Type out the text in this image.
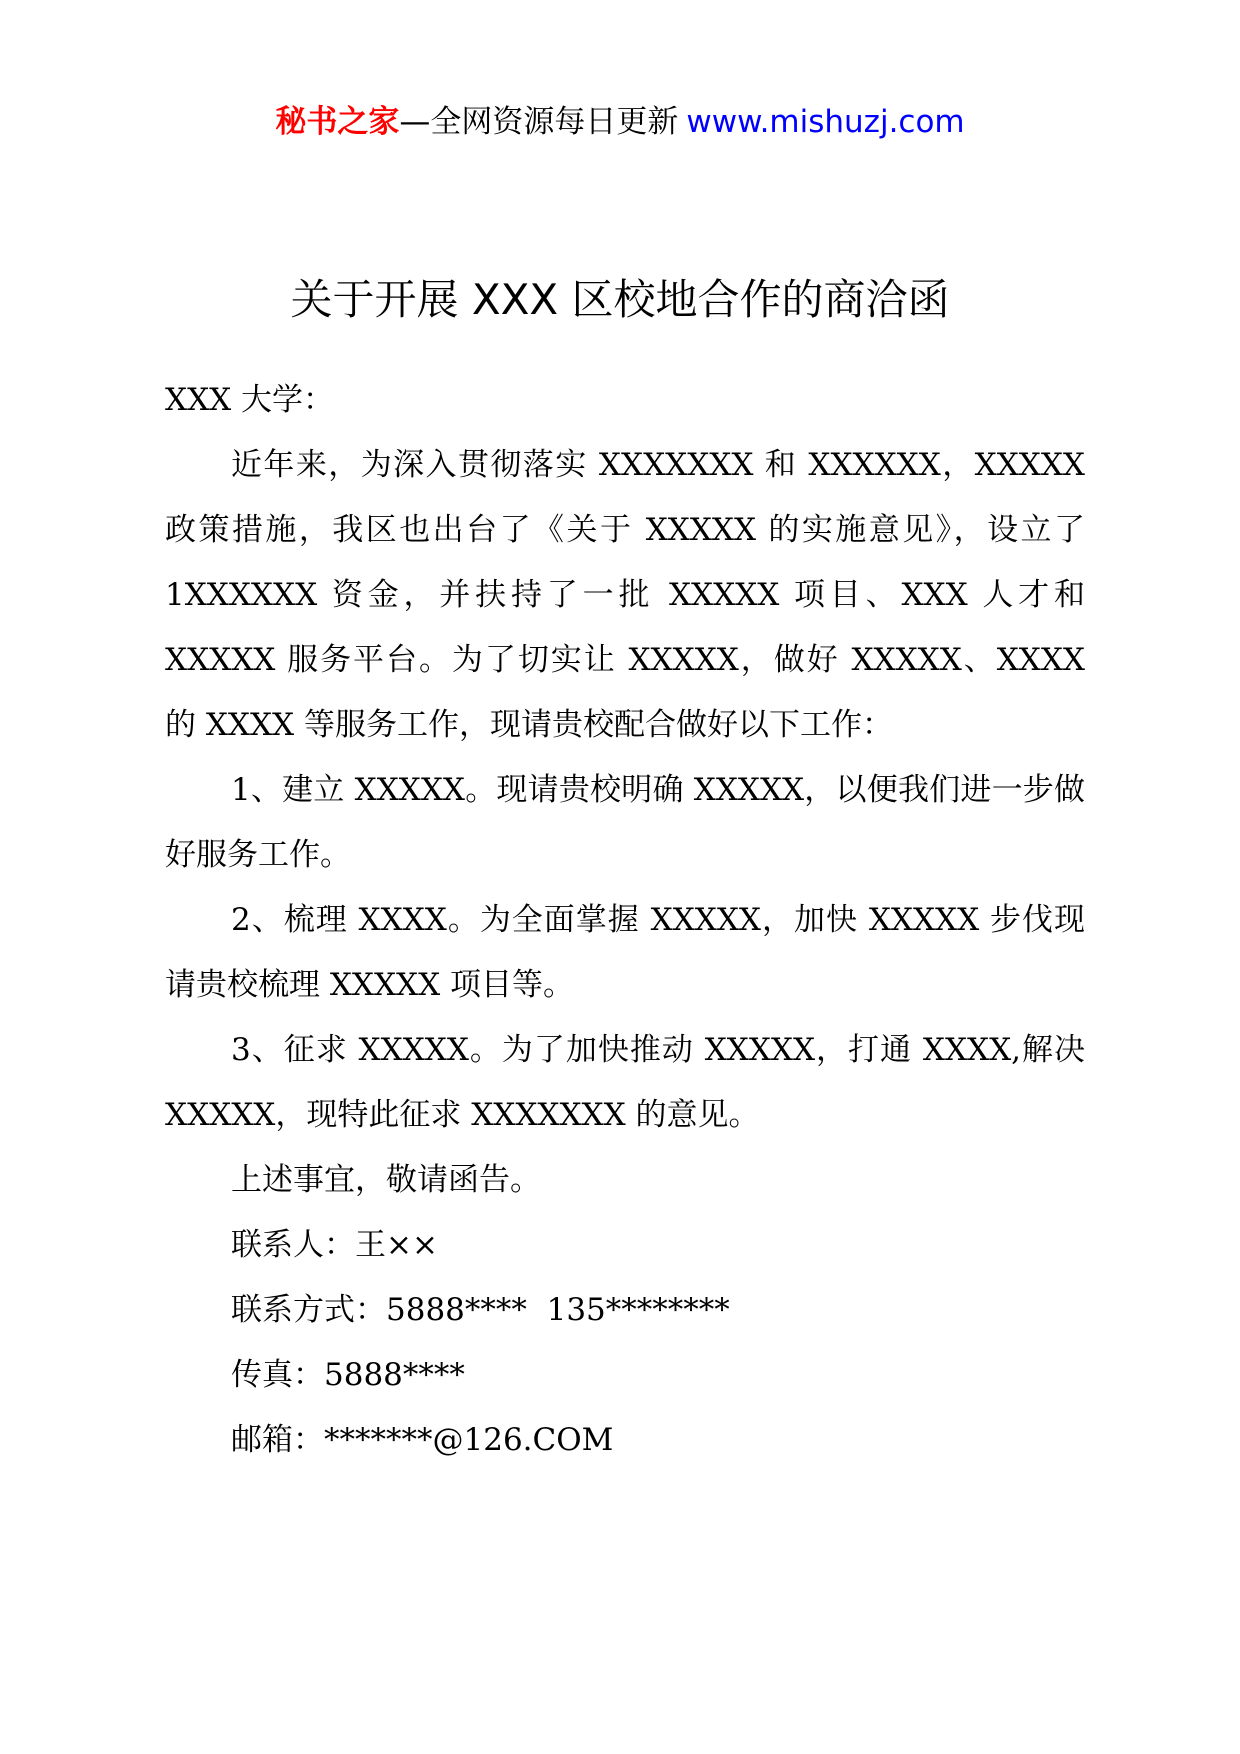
秘书之家—全网资源每日更新 www.mishuzj.com
关于开展 XXX 区校地合作的商洽函

XXX 大学：

近年来，为深入贯彻落实 XXXXXXX 和 XXXXXX，XXXXX 政策措施，我区也出台了《关于 XXXXX 的实施意见》，设立了 1XXXXXX 资金，并扶持了一批 XXXXX 项目、XXX 人才和 XXXXX 服务平台。为了切实让 XXXXX，做好 XXXXX、XXXX 的 XXXX 等服务工作，现请贵校配合做好以下工作：

1、建立 XXXXX。现请贵校明确 XXXXX，以便我们进一步做好服务工作。

2、梳理 XXXX。为全面掌握 XXXXX，加快 XXXXX 步伐现请贵校梳理 XXXXX 项目等。

3、征求 XXXXX。为了加快推动 XXXXX，打通 XXXX,解决 XXXXX，现特此征求 XXXXXXX 的意见。

上述事宜，敬请函告。

联系人：王××

联系方式：5888****  135********

传真：5888****

邮箱：*******@126.COM
